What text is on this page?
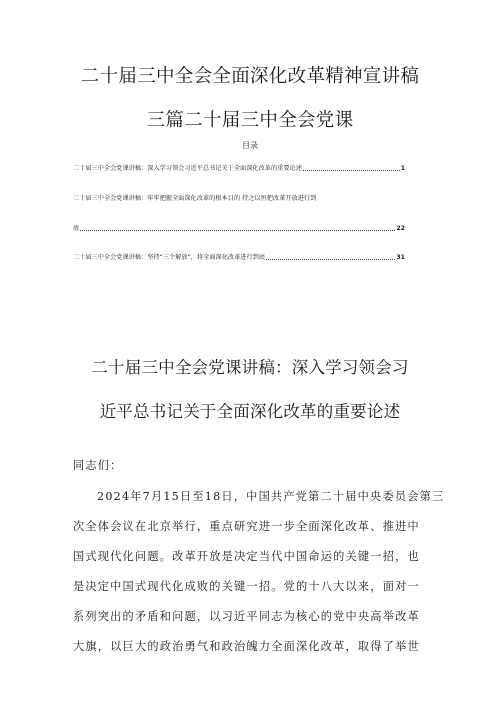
二十届三中全会全面深化改革精神宣讲稿
三篇二十届三中全会党课
目录
二十届三中全会党课讲稿：深入学习领会习近平总书记关于全面深化改革的重要论述	1
二十届三中全会党课讲稿：牢牢把握全面深化改革的根本目的 持之以恒把改革开放进行到
底	22
二十届三中全会党课讲稿：坚持“三个解放”，将全面深化改革进行到底	31
二十届三中全会党课讲稿：深入学习领会习
近平总书记关于全面深化改革的重要论述
同志们：
2024年7月15日至18日，中国共产党第二十届中央委员会第三
次全体会议在北京举行，重点研究进一步全面深化改革、推进中
国式现代化问题。改革开放是决定当代中国命运的关键一招，也
是决定中国式现代化成败的关键一招。党的十八大以来，面对一
系列突出的矛盾和问题，以习近平同志为核心的党中央高举改革
大旗，以巨大的政治勇气和政治魄力全面深化改革，取得了举世
